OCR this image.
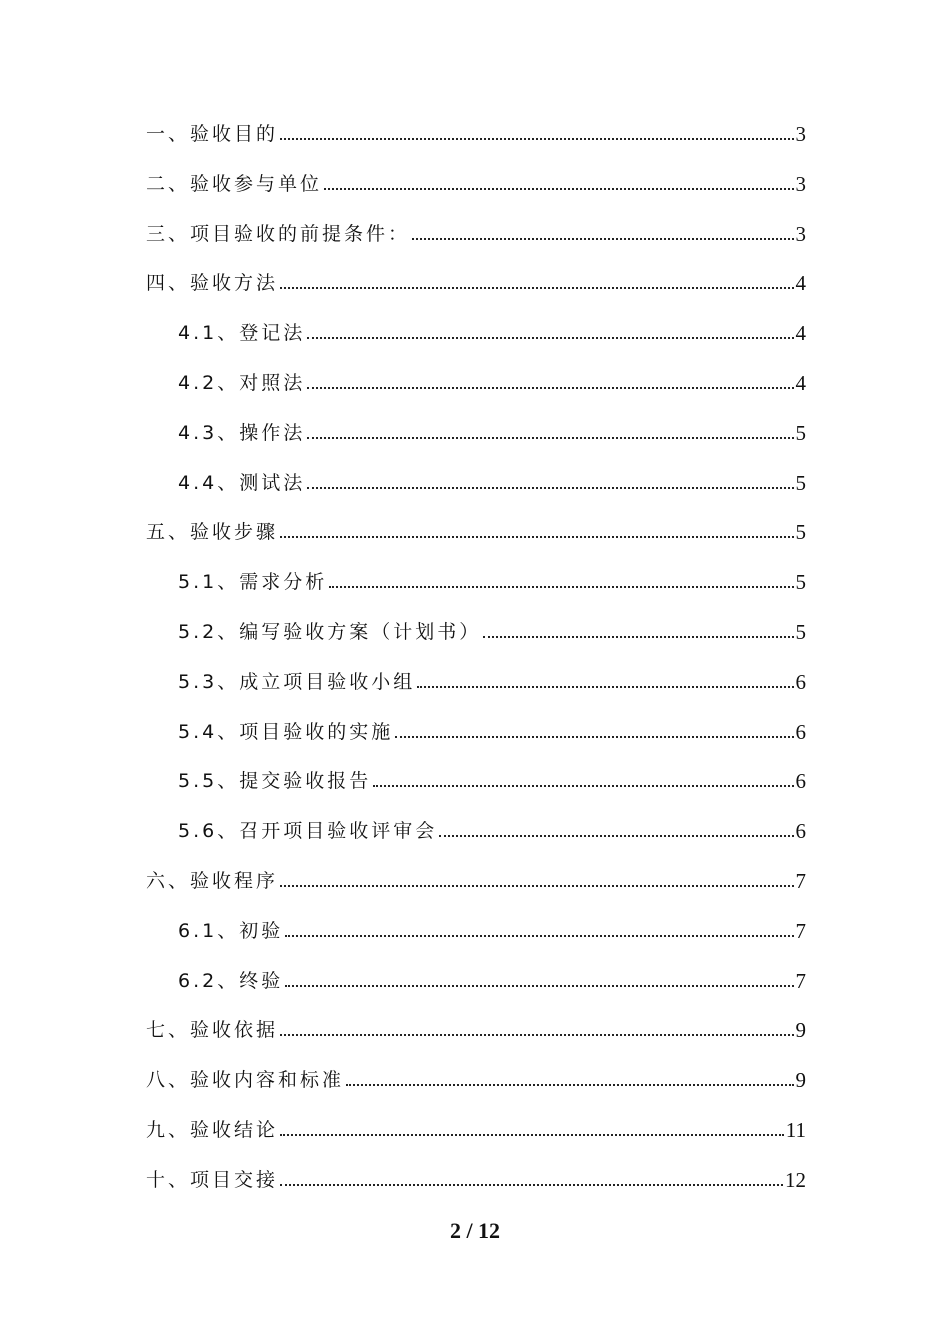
一、验收目的	3
二、验收参与单位	3
三、项目验收的前提条件：	3
四、验收方法	4
4.1、登记法	4
4.2、对照法	4
4.3、操作法	5
4.4、测试法	5
五、验收步骤	5
5.1、需求分析	5
5.2、编写验收方案（计划书）	5
5.3、成立项目验收小组	6
5.4、项目验收的实施	6
5.5、提交验收报告	6
5.6、召开项目验收评审会	6
六、验收程序	7
6.1、初验	7
6.2、终验	7
七、验收依据	9
八、验收内容和标准	9
九、验收结论	11
十、项目交接	12
2 / 12
